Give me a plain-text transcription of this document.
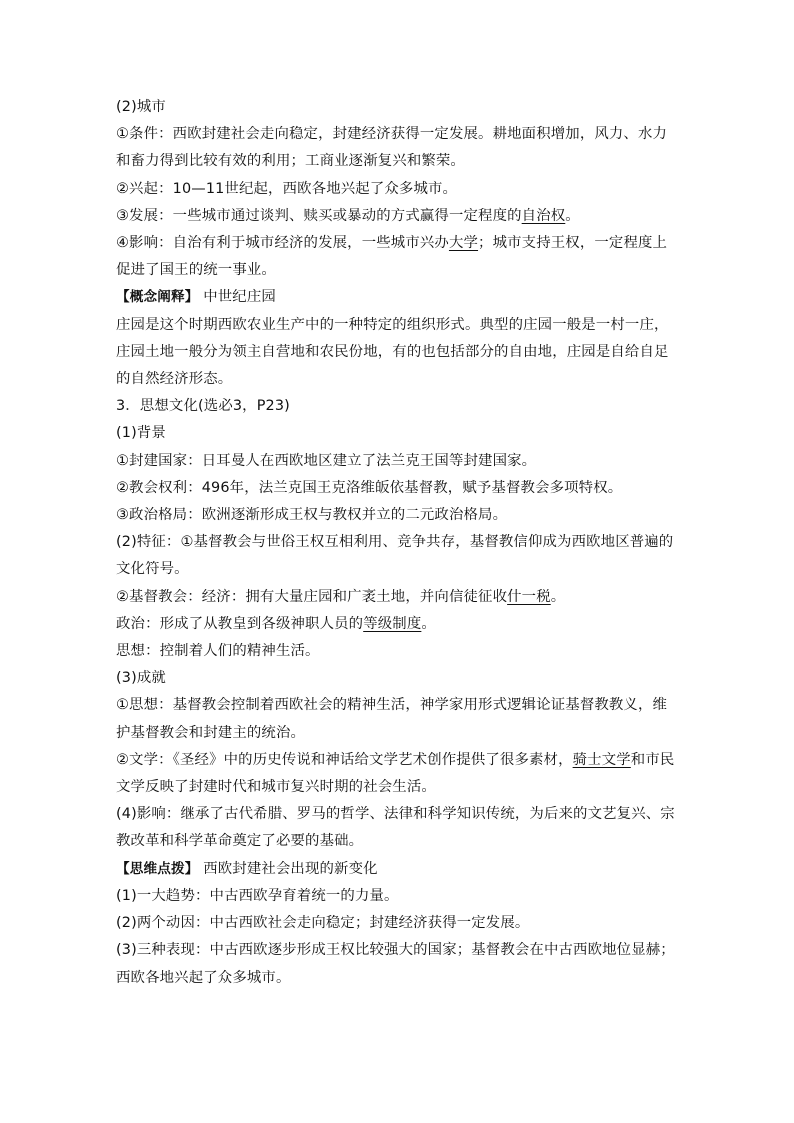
(2)城市

①条件：西欧封建社会走向稳定，封建经济获得一定发展。耕地面积增加，风力、水力和畜力得到比较有效的利用；工商业逐渐复兴和繁荣。

②兴起：10—11世纪起，西欧各地兴起了众多城市。

③发展：一些城市通过谈判、赎买或暴动的方式赢得一定程度的自治权。

④影响：自治有利于城市经济的发展，一些城市兴办大学；城市支持王权，一定程度上促进了国王的统一事业。

【概念阐释】 中世纪庄园

庄园是这个时期西欧农业生产中的一种特定的组织形式。典型的庄园一般是一村一庄，庄园土地一般分为领主自营地和农民份地，有的也包括部分的自由地，庄园是自给自足的自然经济形态。

3．思想文化(选必3，P23)

(1)背景

①封建国家：日耳曼人在西欧地区建立了法兰克王国等封建国家。

②教会权利：496年，法兰克国王克洛维皈依基督教，赋予基督教会多项特权。

③政治格局：欧洲逐渐形成王权与教权并立的二元政治格局。

(2)特征：①基督教会与世俗王权互相利用、竞争共存，基督教信仰成为西欧地区普遍的文化符号。

②基督教会：经济：拥有大量庄园和广袤土地，并向信徒征收什一税。

政治：形成了从教皇到各级神职人员的等级制度。

思想：控制着人们的精神生活。

(3)成就

①思想：基督教会控制着西欧社会的精神生活，神学家用形式逻辑论证基督教教义，维护基督教会和封建主的统治。

②文学：《圣经》中的历史传说和神话给文学艺术创作提供了很多素材，骑士文学和市民文学反映了封建时代和城市复兴时期的社会生活。

(4)影响：继承了古代希腊、罗马的哲学、法律和科学知识传统，为后来的文艺复兴、宗教改革和科学革命奠定了必要的基础。

【思维点拨】 西欧封建社会出现的新变化

(1)一大趋势：中古西欧孕育着统一的力量。

(2)两个动因：中古西欧社会走向稳定；封建经济获得一定发展。

(3)三种表现：中古西欧逐步形成王权比较强大的国家；基督教会在中古西欧地位显赫；西欧各地兴起了众多城市。
